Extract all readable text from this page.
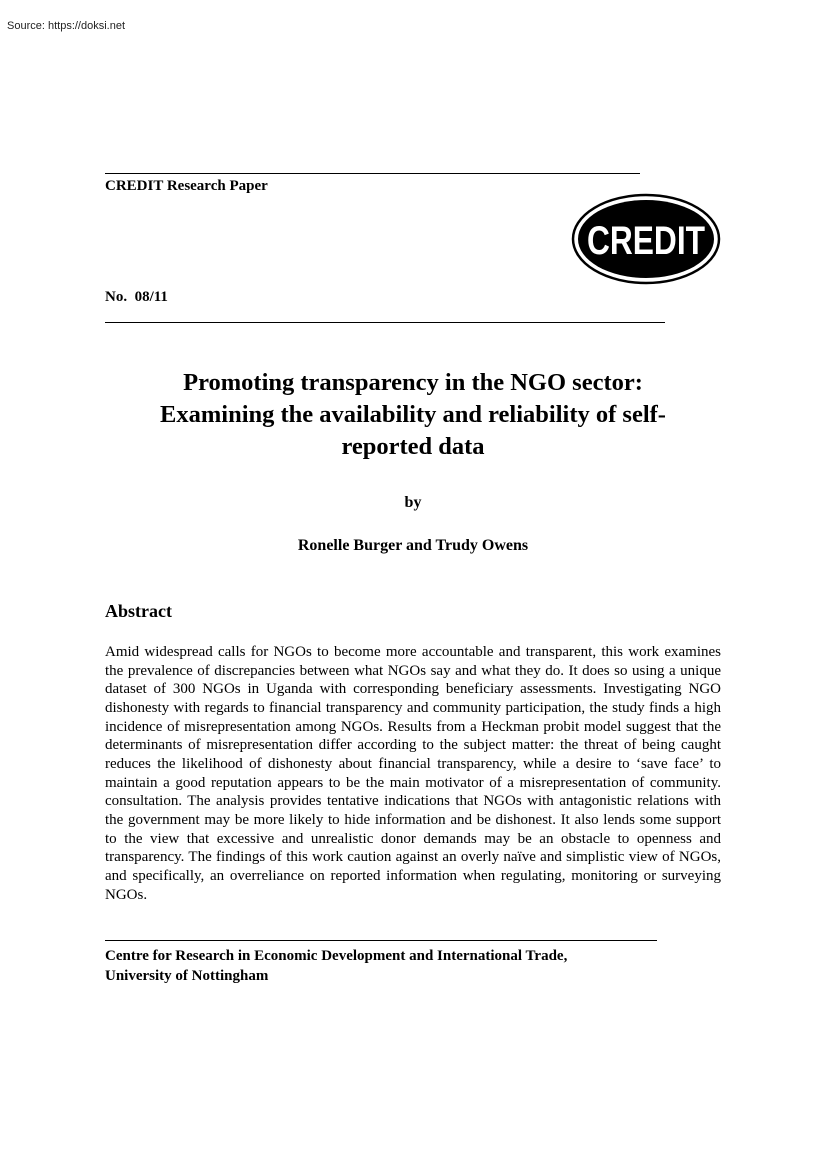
Source: https://doksi.net
CREDIT Research Paper
CREDIT
No.  08/11
Promoting transparency in the NGO sector:
Examining the availability and reliability of self-
reported data
by
Ronelle Burger and Trudy Owens
Abstract
Amid widespread calls for NGOs to become more accountable and transparent, this work examines the prevalence of discrepancies between what NGOs say and what they do. It does so using a unique dataset of 300 NGOs in Uganda with corresponding beneficiary assessments. Investigating NGO dishonesty with regards to financial transparency and community participation, the study finds a high incidence of misrepresentation among NGOs. Results from a Heckman probit model suggest that the determinants of misrepresentation differ according to the subject matter: the threat of being caught reduces the likelihood of dishonesty about financial transparency, while a desire to ‘save face’ to maintain a good reputation appears to be the main motivator of a misrepresentation of community. consultation. The analysis provides tentative indications that NGOs with antagonistic relations with the government may be more likely to hide information and be dishonest. It also lends some support to the view that excessive and unrealistic donor demands may be an obstacle to openness and transparency. The findings of this work caution against an overly naïve and simplistic view of NGOs, and specifically, an overreliance on reported information when regulating, monitoring or surveying NGOs.
Centre for Research in Economic Development and International Trade,
University of Nottingham
